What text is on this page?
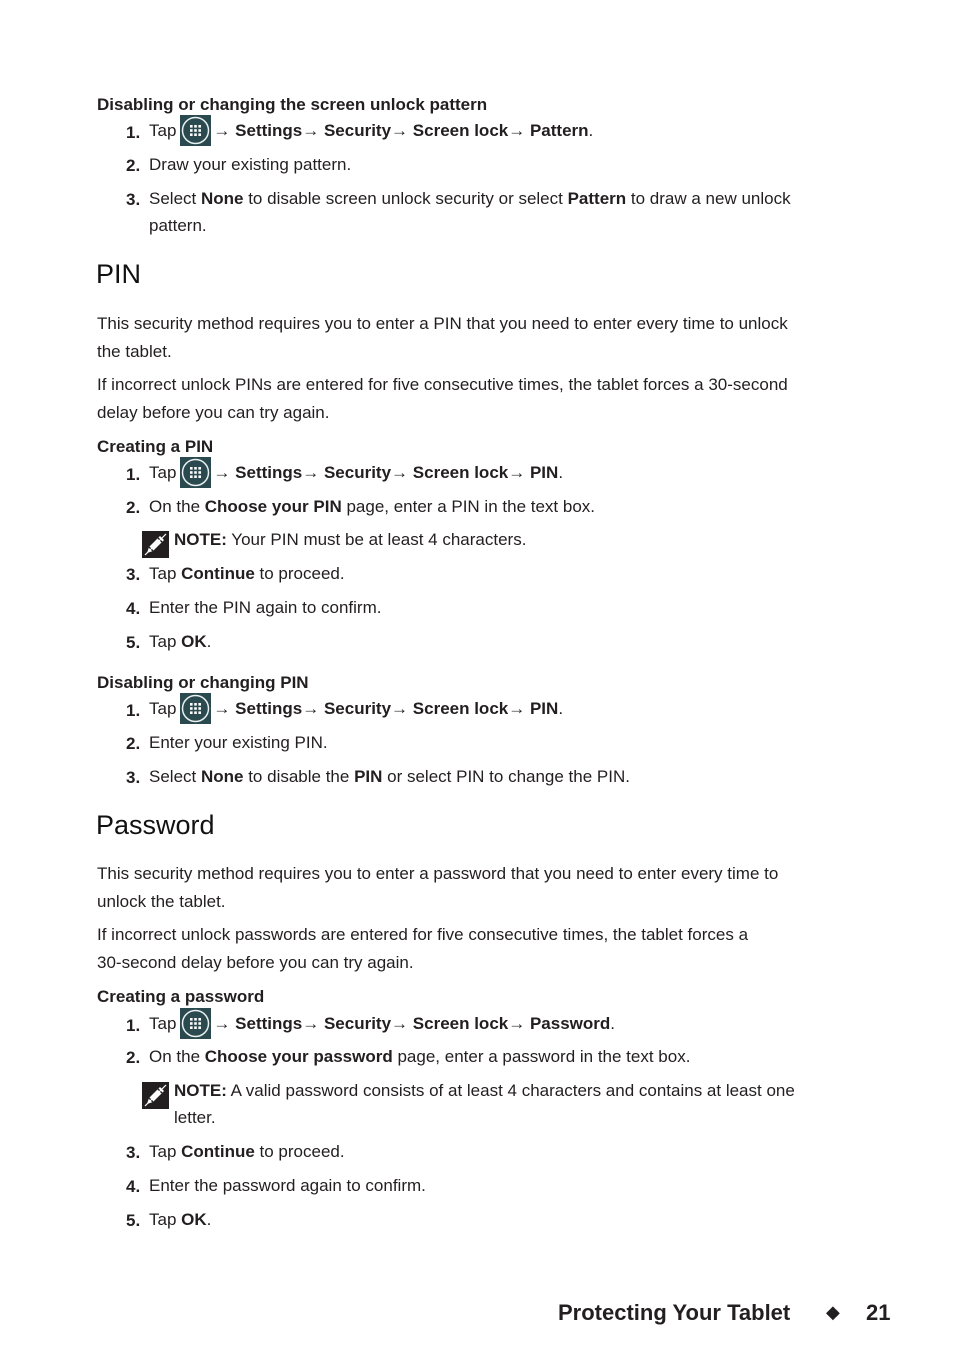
Disabling or changing the screen unlock pattern
1. Tap → Settings→ Security→ Screen lock→ Pattern.
2. Draw your existing pattern.
3. Select None to disable screen unlock security or select Pattern to draw a new unlock
pattern.
PIN
This security method requires you to enter a PIN that you need to enter every time to unlock
the tablet.
If incorrect unlock PINs are entered for five consecutive times, the tablet forces a 30-second
delay before you can try again.
Creating a PIN
1. Tap → Settings→ Security→ Screen lock→ PIN.
2. On the Choose your PIN page, enter a PIN in the text box.
NOTE: Your PIN must be at least 4 characters.
3. Tap Continue to proceed.
4. Enter the PIN again to confirm.
5. Tap OK.
Disabling or changing PIN
1. Tap → Settings→ Security→ Screen lock→ PIN.
2. Enter your existing PIN.
3. Select None to disable the PIN or select PIN to change the PIN.
Password
This security method requires you to enter a password that you need to enter every time to
unlock the tablet.
If incorrect unlock passwords are entered for five consecutive times, the tablet forces a
30-second delay before you can try again.
Creating a password
1. Tap → Settings→ Security→ Screen lock→ Password.
2. On the Choose your password page, enter a password in the text box.
NOTE: A valid password consists of at least 4 characters and contains at least one
letter.
3. Tap Continue to proceed.
4. Enter the password again to confirm.
5. Tap OK.
Protecting Your Tablet ◆ 21
